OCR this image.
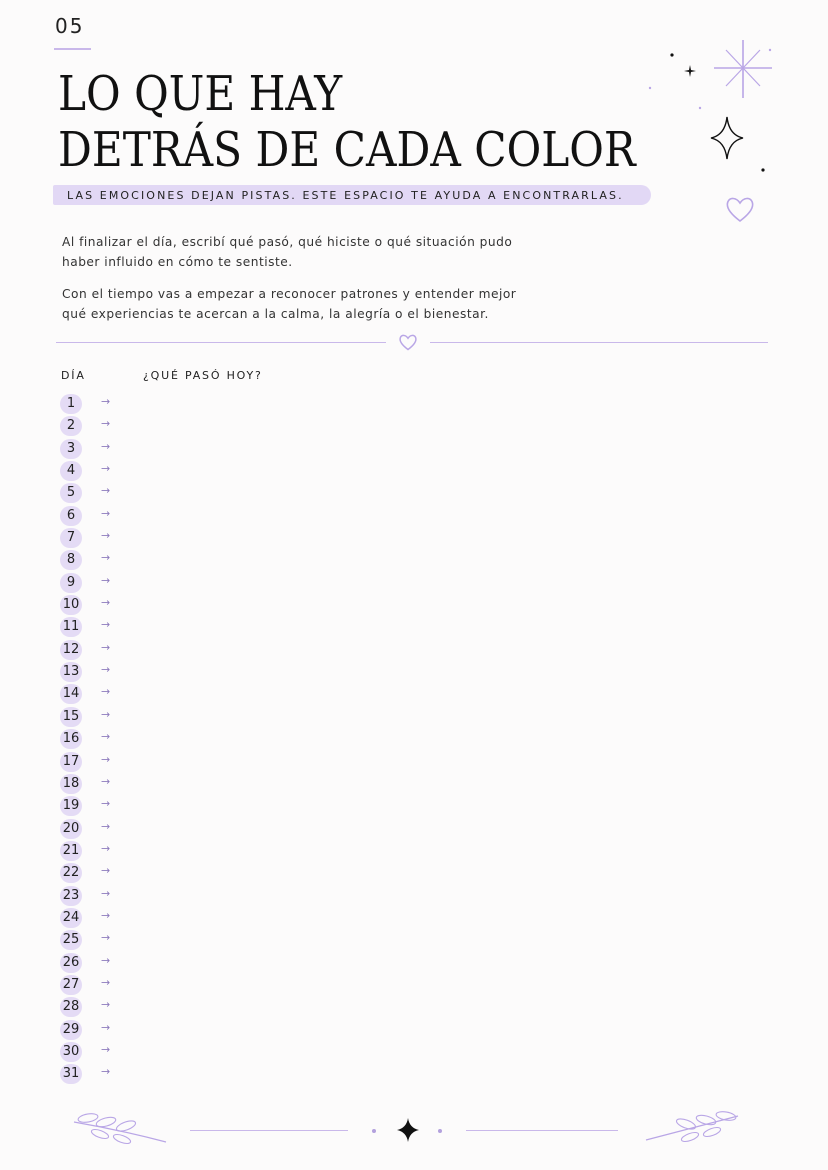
05
LO QUE HAY
DETRÁS DE CADA COLOR
LAS EMOCIONES DEJAN PISTAS. ESTE ESPACIO TE AYUDA A ENCONTRARLAS.

Al finalizar el día, escribí qué pasó, qué hiciste o qué situación pudo haber influido en cómo te sentiste.

Con el tiempo vas a empezar a reconocer patrones y entender mejor qué experiencias te acercan a la calma, la alegría o el bienestar.

DÍA	¿QUÉ PASÓ HOY?
1	→
2	→
3	→
4	→
5	→
6	→
7	→
8	→
9	→
10 →
11 →
12 →
13 →
14 →
15 →
16 →
17 →
18 →
19 →
20 →
21 →
22 →
23 →
24 →
25 →
26 →
27 →
28 →
29 →
30 →
31 →
